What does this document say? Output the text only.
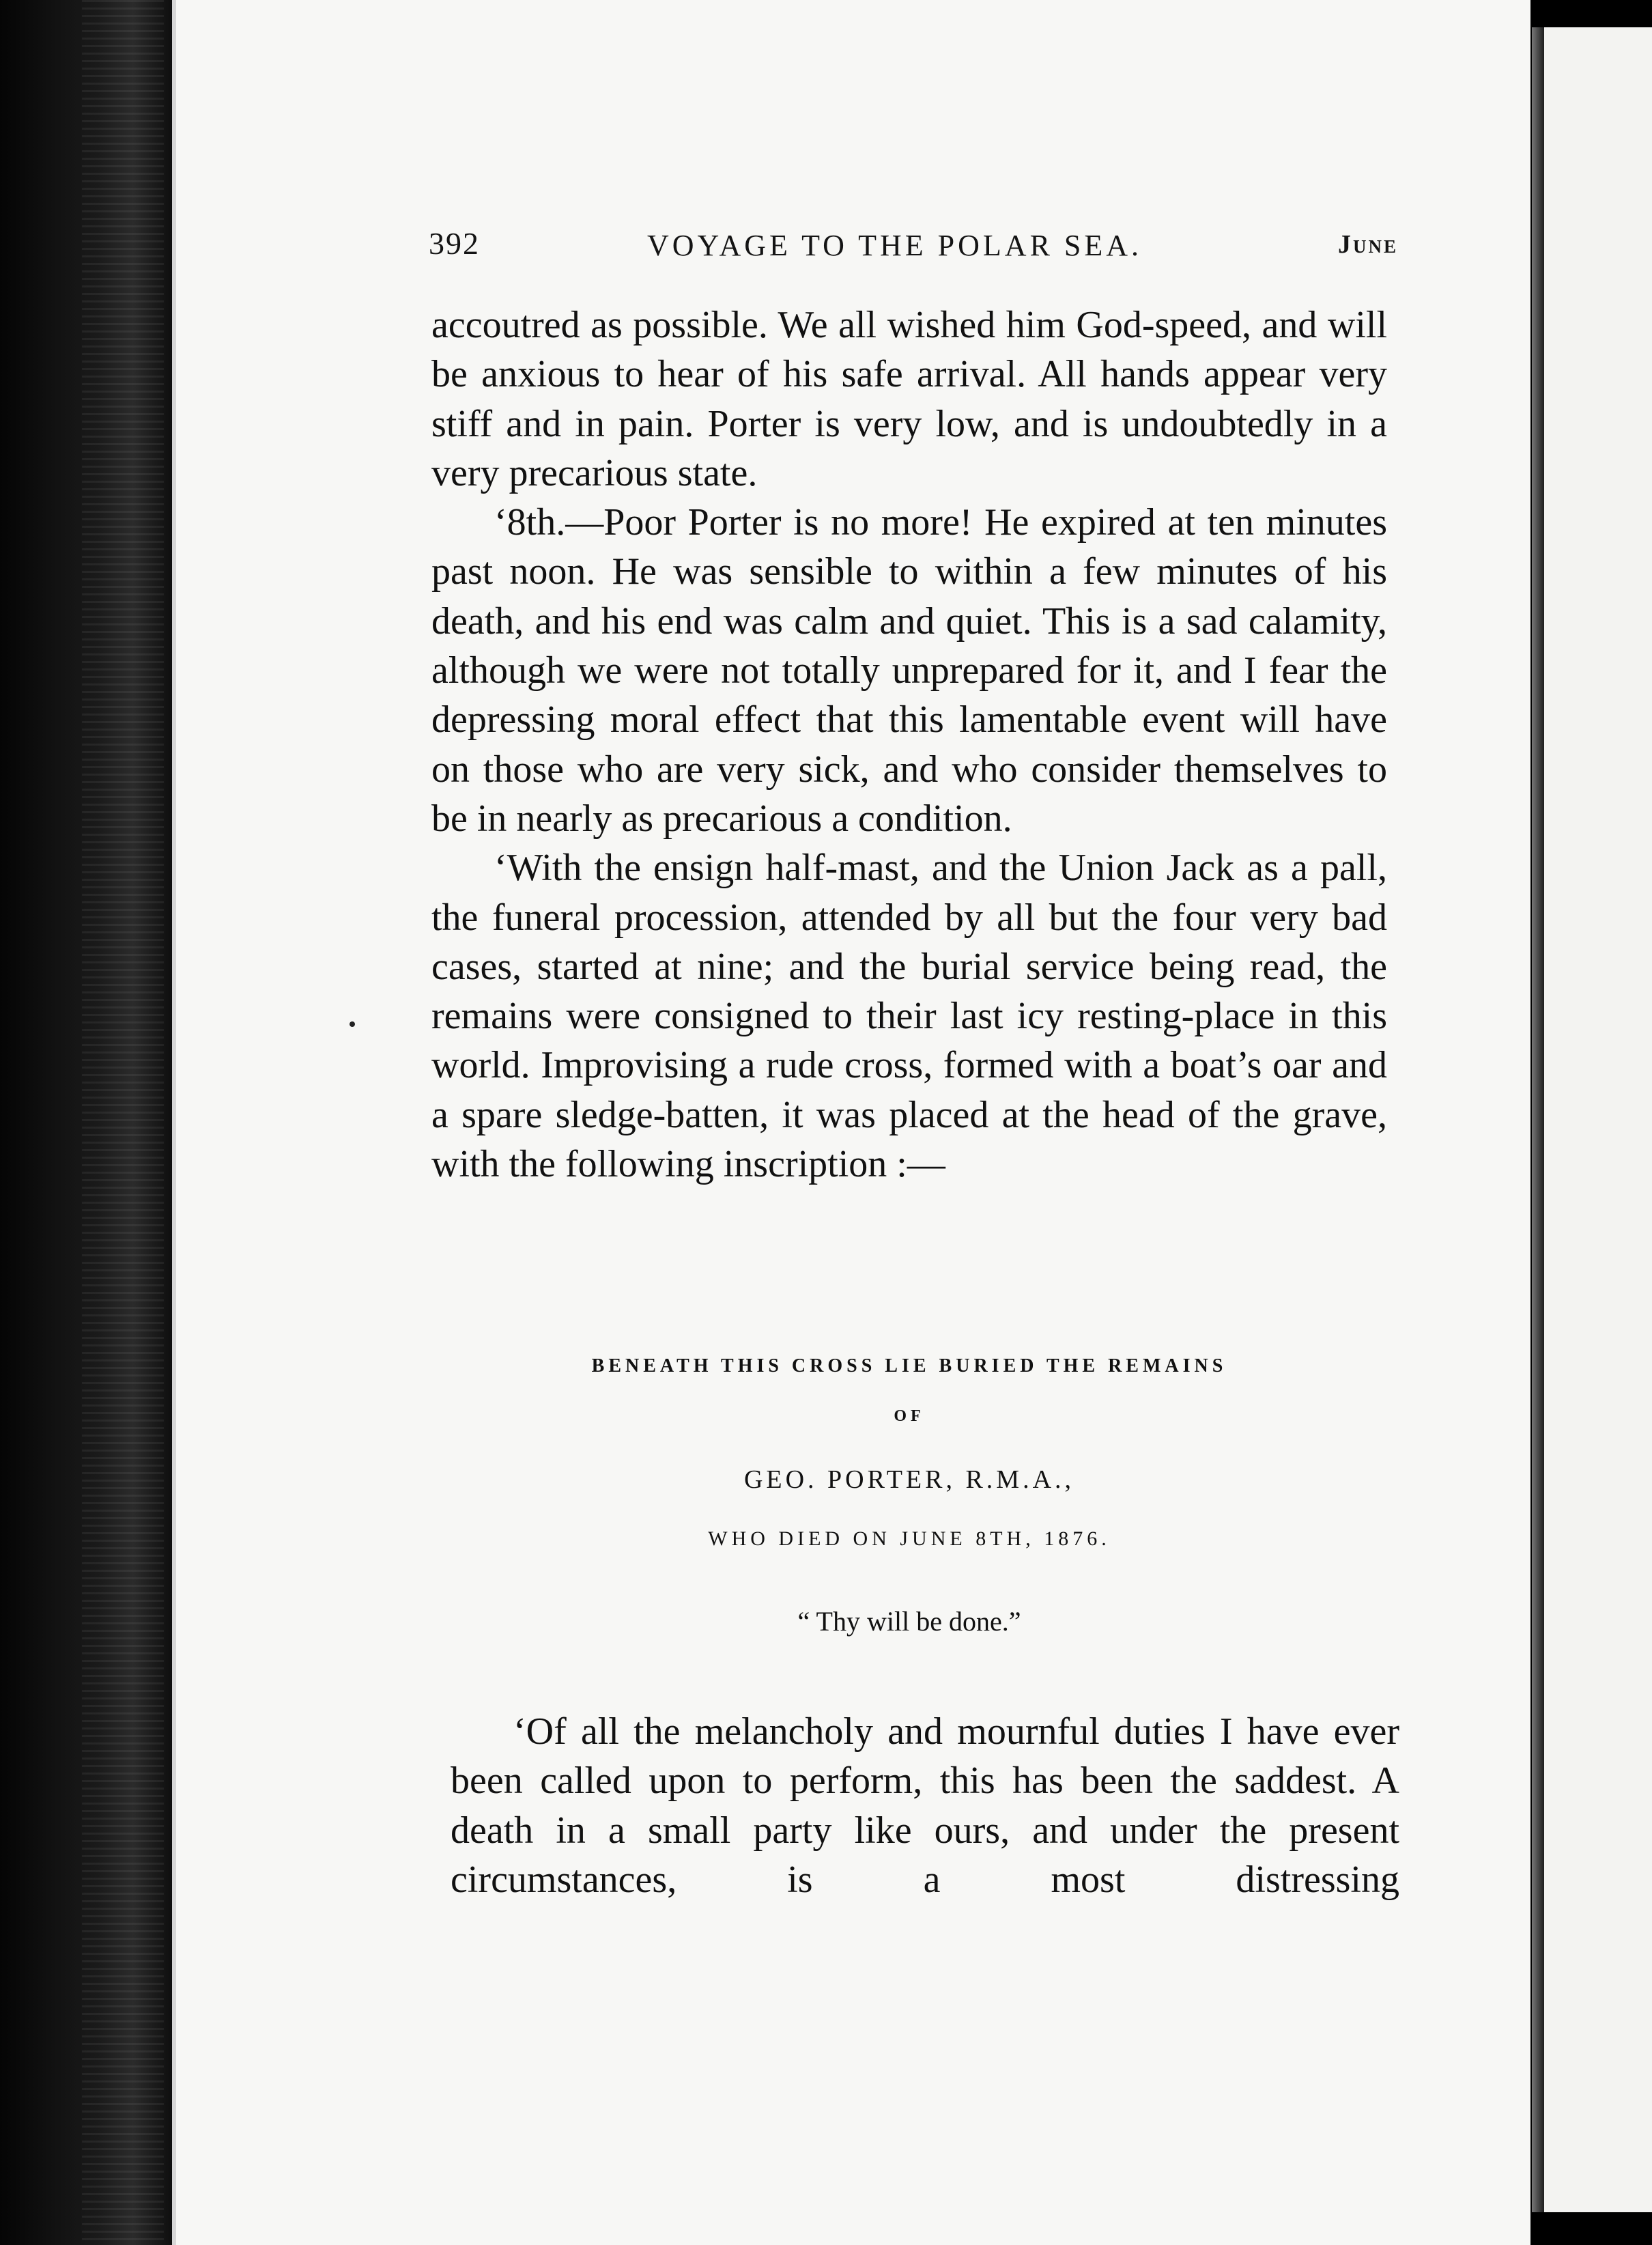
392	VOYAGE TO THE POLAR SEA.	June

accoutred as possible. We all wished him God-speed, and will be anxious to hear of his safe arrival. All hands appear very stiff and in pain. Porter is very low, and is undoubtedly in a very precarious state.

‘8th.—Poor Porter is no more! He expired at ten minutes past noon. He was sensible to within a few minutes of his death, and his end was calm and quiet. This is a sad calamity, although we were not totally unprepared for it, and I fear the depressing moral effect that this lamentable event will have on those who are very sick, and who consider themselves to be in nearly as precarious a condition.

‘With the ensign half-mast, and the Union Jack as a pall, the funeral procession, attended by all but the four very bad cases, started at nine; and the burial service being read, the remains were consigned to their last icy resting-place in this world. Improvising a rude cross, formed with a boat’s oar and a spare sledge-batten, it was placed at the head of the grave, with the following inscription :—

BENEATH THIS CROSS LIE BURIED THE REMAINS
OF
GEO. PORTER, R.M.A.,
WHO DIED ON JUNE 8TH, 1876.
“ Thy will be done.”

‘Of all the melancholy and mournful duties I have ever been called upon to perform, this has been the saddest. A death in a small party like ours, and under the present circumstances, is a most distressing
